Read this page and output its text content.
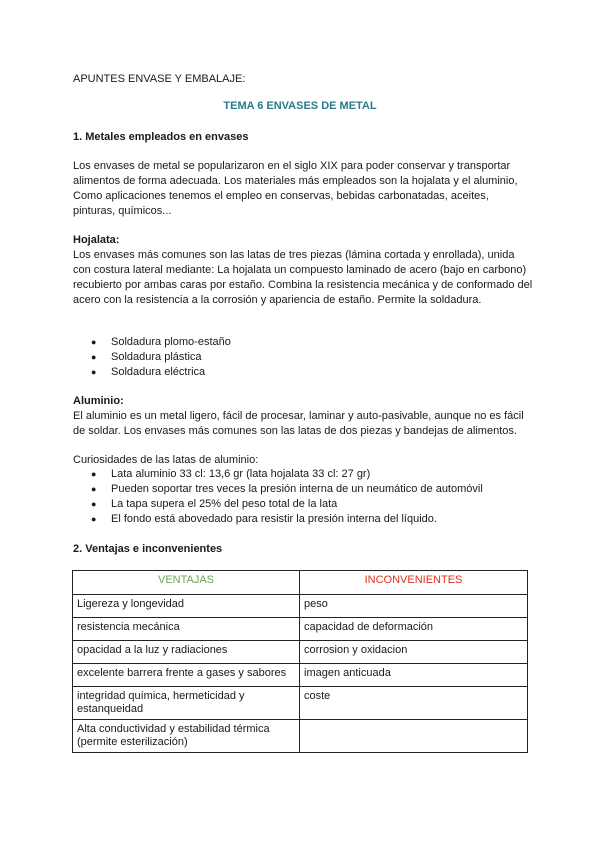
APUNTES ENVASE Y EMBALAJE:
TEMA 6 ENVASES DE METAL
1. Metales empleados en envases
Los envases de metal se popularizaron en el siglo XIX para poder conservar y transportar alimentos de forma adecuada. Los materiales más empleados son la hojalata y el aluminio, Como aplicaciones tenemos el empleo en conservas, bebidas carbonatadas, aceites, pinturas, químicos...
Hojalata:
Los envases más comunes son las latas de tres piezas (lámina cortada y enrollada), unida con costura lateral mediante: La hojalata un compuesto laminado de acero (bajo en carbono) recubierto por ambas caras por estaño. Combina la resistencia mecánica y de conformado del acero con la resistencia a la corrosión y apariencia de estaño. Permite la soldadura.
● Soldadura plomo-estaño
● Soldadura plástica
● Soldadura eléctrica
Aluminio:
El aluminio es un metal ligero, fácil de procesar, laminar y auto-pasivable, aunque no es fácil de soldar. Los envases más comunes son las latas de dos piezas y bandejas de alimentos.
Curiosidades de las latas de aluminio:
● Lata aluminio 33 cl: 13,6 gr (lata hojalata 33 cl: 27 gr)
● Pueden soportar tres veces la presión interna de un neumático de automóvil
● La tapa supera el 25% del peso total de la lata
● El fondo está abovedado para resistir la presión interna del líquido.
2. Ventajas e inconvenientes
VENTAJAS	INCONVENIENTES
Ligereza y longevidad	peso
resistencia mecánica	capacidad de deformación
opacidad a la luz y radiaciones	corrosion y oxidacion
excelente barrera frente a gases y sabores	imagen anticuada
integridad química, hermeticidad y estanqueidad	coste
Alta conductividad y estabilidad térmica (permite esterilización)	
